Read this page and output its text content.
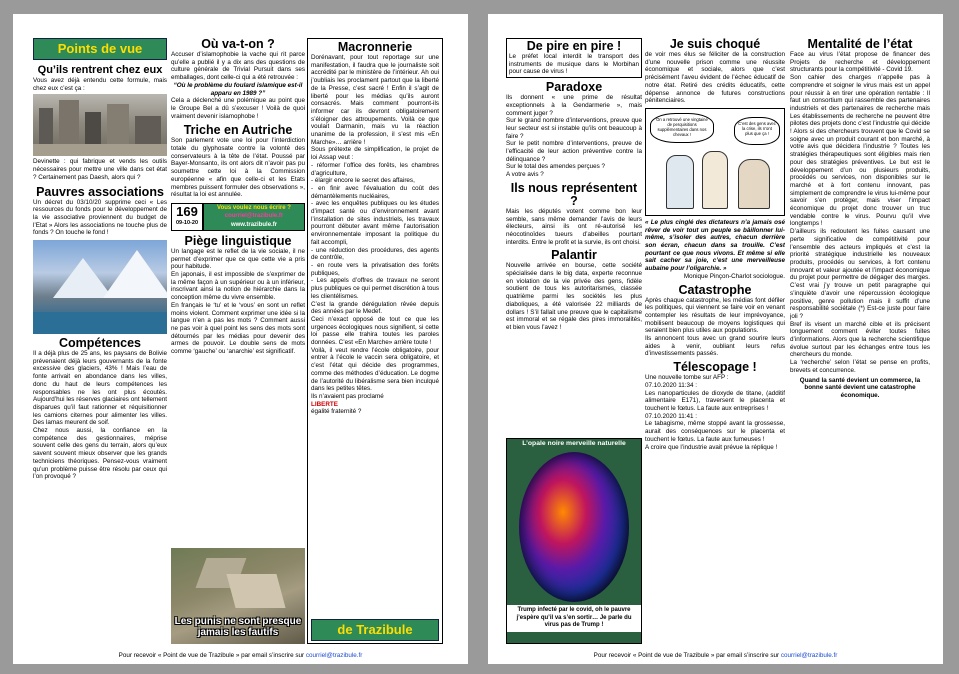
Points de vue
Qu’ils rentrent chez eux

Vous avez déjà entendu cette formule, mais chez eux c’est ça :

Devinette : qui fabrique et vends les outils nécessaires pour mettre une ville dans cet état ? Certainement pas Daesh, alors qui ?

Pauvres associations

Un décret du 03/10/20 supprime ceci « Les ressources du fonds pour le développement de la vie associative proviennent du budget de l’Etat » Alors les associations ne touche plus de fonds ? On touche le fond !

Compétences

Il a déjà plus de 25 ans, les paysans de Bolivie prévenaient déjà leurs gouvernants de la fonte excessive des glaciers, 43% ! Mais l’eau de fonte arrivait en abondance dans les villes, donc du haut de leurs compétences les responsables ne les ont plus écoutés. Aujourd’hui les réserves glaciaires ont tellement disparues qu’il faut rationner et réquisitionner les camions citernes pour alimenter les villes. Des lamas meurent de soif.
Chez nous aussi, la confiance en la compétence des gestionnaires, méprise souvent celle des gens du terrain, alors qu’eux savent souvent mieux observer que les grands techniciens théoriques. Pensez-vous vraiment qu’un problème puisse être résolu par ceux qui l’on provoqué ?

Où va-t-on ?

Accuser d’islamophobie la vache qui rit parce qu’elle a publié il y a dix ans des questions de culture générale de Trivial Pursuit dans ses emballages, dont celle-ci qui a été retrouvée :

“Où le problème du foulard islamique est-il apparu en 1989 ?”

Cela a déclenché une polémique au point que le Groupe Bel a dû s’excuser ! Voilà de quoi vraiment devenir islamophobe !

Triche en Autriche

Son parlement vote une loi pour l’interdiction totale du glyphosate contre la volonté des conservateurs à la tête de l’état. Poussé par Bayer-Monsanto, ils ont alors dit n’avoir pas pu soumettre cette loi à la Commission européenne « afin que celle-ci et les Etats membres puissent formuler des observations », résultat la loi est annulée.

169
09-10-20
Vous voulez nous écrire ?
courriel@trazibule.fr
www.trazibule.fr
Piège linguistique

Un langage est le reflet de la vie sociale, il ne permet d’exprimer que ce que cette vie a pris pour habitude.
En japonais, il est impossible de s’exprimer de la même façon à un supérieur ou à un inférieur, inscrivant ainsi la notion de hiérarchie dans la conception même du vivre ensemble.
En français le ‘tu’ et le ‘vous’ en sont un reflet moins violent. Comment exprimer une idée si la langue n’en a pas les mots ? Comment aussi ne pas voir à quel point les sens des mots sont détournés par les médias pour devenir des armes de pouvoir. Le double sens de mots comme ‘gauche’ ou ‘anarchie’ est significatif.

Les punis ne sont presque jamais les fautifs
Macronnerie

Dorénavant, pour tout reportage sur une manifestation, il faudra que le journaliste soit accrédité par le ministère de l’intérieur. Ah oui j’oubliais les proclament partout que la liberté de la Presse, c’est sacré ! Enfin il s’agit de liberté pour les médias qu’ils auront consacrés. Mais comment pourront-ils informer car ils devront obligatoirement s’éloigner des attroupements. Voilà ce que voulait Darmanin, mais vu la réaction unanime de la profession, il s’est mis «En Marche»… arrière !
Sous prétexte de simplification, le projet de loi Assap veut :
- réformer l’office des forêts, les chambres d’agriculture,
- élargir encore le secret des affaires,
- en finir avec l’évaluation du coût des démantèlements nucléaires,
- avec les enquêtes publiques ou les études d’impact santé ou d’environnement avant l’installation de sites industriels, les travaux pourront débuter avant même l’autorisation environnementale imposant la politique du fait accompli,
- une réduction des procédures, des agents de contrôle,
- en route vers la privatisation des forêts publiques,
- Les appels d’offres de travaux ne seront plus publiques ce qui permet discrétion à tous les clientélismes.
C’est la grande dérégulation rêvée depuis des années par le Medef.
Ceci n’exact opposé de tout ce que les urgences écologiques nous signifient, si cette loi passe elle trahira toutes les paroles données. C’est «En Marche» arrière toute !
Voilà, il veut rendre l’école obligatoire, pour entrer à l’école le vaccin sera obligatoire, et c’est l’état qui décide des programmes, comme des méthodes d’éducation. Le dogme de l’autorité du libéralisme sera bien inculqué dans les petites têtes.
Ils n’avaient pas proclamé

LIBERTE

égalité fraternité ?

de Trazibule
Pour recevoir « Point de vue de Trazibule » par email s’inscrire sur courriel@trazibule.fr
De pire en pire !

Le préfet local interdit le transport des instruments de musique dans le Morbihan pour cause de virus !

Paradoxe

Ils donnent « une prime de résultat exceptionnels à la Gendarmerie », mais comment juger ?
Sur le grand nombre d’interventions, preuve que leur secteur est si instable qu’ils ont beaucoup à faire ?
Sur le petit nombre d’interventions, preuve de l’efficacité de leur action préventive contre la délinquance ?
Sur le total des amendes perçues ?
A votre avis ?

Ils nous représentent ?

Mais les députés votent comme bon leur semble, sans même demander l’avis de leurs électeurs, ainsi ils ont ré-autorisé les néocotinoïdes tueurs d’abeilles pourtant interdits. Entre le profit et la survie, ils ont choisi.

Palantir

Nouvelle arrivée en bourse, cette société spécialisée dans le big data, experte reconnue en violation de la vie privée des gens, fidèle soutient de tous les autoritarismes, classée quatrième parmi les sociétés les plus diaboliques, a été valorisée 22 milliards de dollars ! S’il fallait une preuve que le capitalisme est immoral et se régale des pires immoralités, et bien vous l’avez !

L’opale noire merveille naturelle
Trump infecté par le covid, oh le pauvre j’espère qu’il va s’en sortir… Je parle du virus pas de Trump !
Je suis choqué

de voir mes élus se féliciter de la construction d’une nouvelle prison comme une réussite économique et sociale, alors que c’est précisément l’aveu évident de l’échec éducatif de notre état. Retiré des crédits éducatifs, cette dépense annonce de futures constructions pénitenciaires.

On a retrouvé une vingtaine de perquisitions supplémentaires dans nos chevaux !
C’est des gens avec la crise, ils n’ont plus que ça !

« Le plus cinglé des dictateurs n’a jamais osé rêver de voir tout un peuple se bâillonner lui-même, s’isoler des autres, chacun derrière son écran, chacun dans sa trouille. C’est pourtant ce que nous vivons. Et même si elle sait cacher sa joie, c’est une merveilleuse aubaine pour l’oligarchie. »

Monique Pinçon-Charlot sociologue.

Catastrophe

Après chaque catastrophe, les médias font défiler les politiques, qui viennent se faire voir en venant contempler les résultats de leur imprévoyance, mobilisent beaucoup de moyens logistiques qui seraient bien plus utiles aux populations.
Ils annoncent tous avec un grand sourire leurs aides à venir, oubliant leurs refus d’investissements passés.

Télescopage !

Une nouvelle tombe sur AFP :
07.10.2020 11:34 :
Les nanoparticules de dioxyde de titane, (additif alimentaire E171), traversent le placenta et touchent le fœtus. La faute aux entreprises !
07.10.2020 11:41 :
Le tabagisme, même stoppé avant la grossesse, aurait des conséquences sur le placenta et touchent le fœtus. La faute aux fumeuses !
A croire que l’industrie avait prévue la réplique !

Mentalité de l’état

Face au virus l’état propose de financer des Projets de recherche et développement structurants pour la compétitivité - Covid 19.
Son cahier des charges n’appelle pas à comprendre et soigner le virus mais est un appel pour réussir à en tirer une opération rentable : Il faut un consortium qui rassemble des partenaires industriels et des partenaires de recherche mais Les établissements de recherche ne peuvent être pilotes des projets donc c’est l’industrie qui décide ! Alors si des chercheurs trouvent que le Covid se soigne avec un produit courant et bon marché, à votre avis que décidera l’industrie ? Toutes les stratégies thérapeutiques sont éligibles mais rien pour des stratégies préventives. Le but est le développement d’un ou plusieurs produits, procédés ou services, non disponibles sur le marché et à fort contenu innovant, pas simplement de comprendre le virus lui-même pour savoir s’en protéger, mais viser l’impact économique du projet donc trouver un truc vendable contre le virus. Pourvu qu’il vive longtemps !
D’ailleurs ils redoutent les fuites causant une perte significative de compétitivité pour l’ensemble des acteurs impliqués et c’est la priorité stratégique industrielle les nouveaux produits, procédés ou services, à fort contenu innovant et valeur ajoutée et l’impact économique du projet pour permettre de dégager des marges. C’est vrai j’y trouve un petit paragraphe qui s’inquiète d’avoir une répercussion écologique positive, genre pollution mais il suffit d’une responsabilité sociétale (*) Est-ce juste pour faire joli ?
Bref ils visent un marché cible et ils précisent longuement comment éviter toutes fuites d’informations. Alors que la recherche scientifique évolue surtout par les échanges entre tous les chercheurs du monde.
La ‘recherche’ selon l’état se pense en profits, brevets et concurrence.

Quand la santé devient un commerce, la bonne santé devient une catastrophe économique.

Pour recevoir « Point de vue de Trazibule » par email s’inscrire sur courriel@trazibule.fr
